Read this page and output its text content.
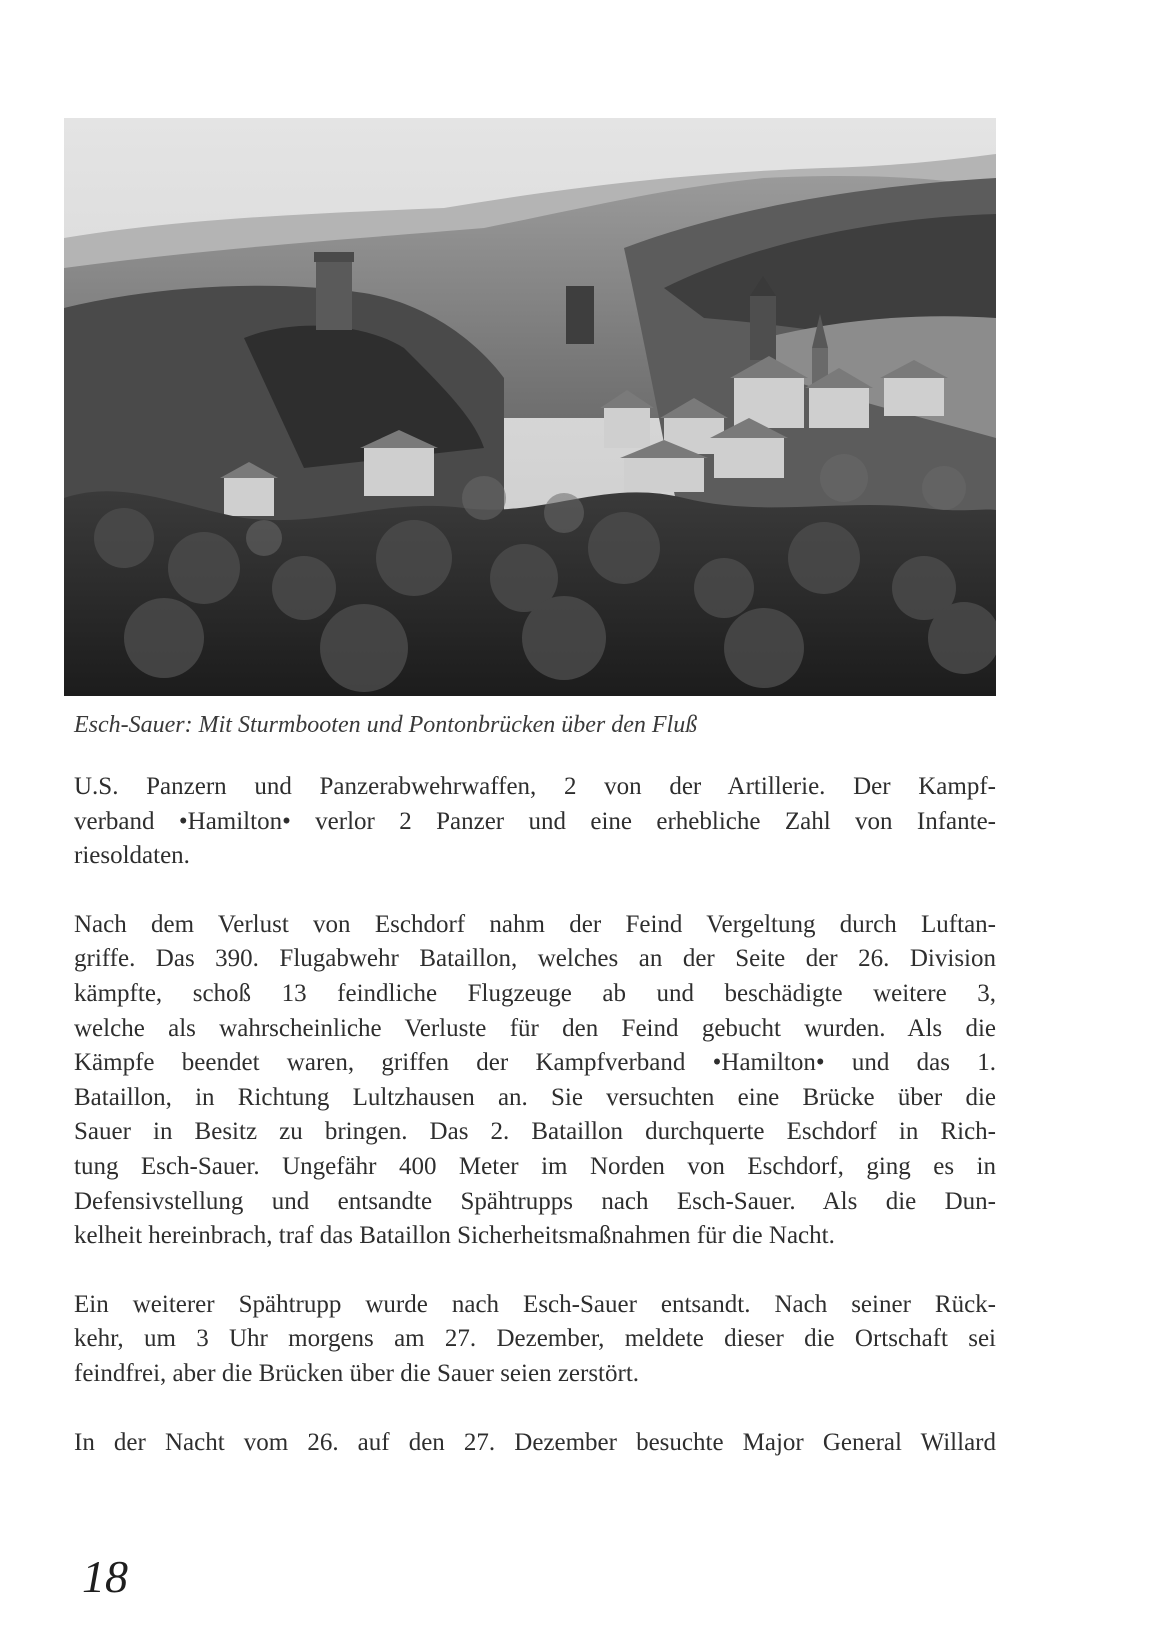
Esch-Sauer: Mit Sturmbooten und Pontonbrücken über den Fluß
U.S. Panzern und Panzerabwehrwaffen, 2 von der Artillerie. Der Kampf-
verband •Hamilton• verlor 2 Panzer und eine erhebliche Zahl von Infante-
riesoldaten.
Nach dem Verlust von Eschdorf nahm der Feind Vergeltung durch Luftan-
griffe. Das 390. Flugabwehr Bataillon, welches an der Seite der 26. Division
kämpfte, schoß 13 feindliche Flugzeuge ab und beschädigte weitere 3,
welche als wahrscheinliche Verluste für den Feind gebucht wurden. Als die
Kämpfe beendet waren, griffen der Kampfverband •Hamilton• und das 1.
Bataillon, in Richtung Lultzhausen an. Sie versuchten eine Brücke über die
Sauer in Besitz zu bringen. Das 2. Bataillon durchquerte Eschdorf in Rich-
tung Esch-Sauer. Ungefähr 400 Meter im Norden von Eschdorf, ging es in
Defensivstellung und entsandte Spähtrupps nach Esch-Sauer. Als die Dun-
kelheit hereinbrach, traf das Bataillon Sicherheitsmaßnahmen für die Nacht.
Ein weiterer Spähtrupp wurde nach Esch-Sauer entsandt. Nach seiner Rück-
kehr, um 3 Uhr morgens am 27. Dezember, meldete dieser die Ortschaft sei
feindfrei, aber die Brücken über die Sauer seien zerstört.
In der Nacht vom 26. auf den 27. Dezember besuchte Major General Willard
18
